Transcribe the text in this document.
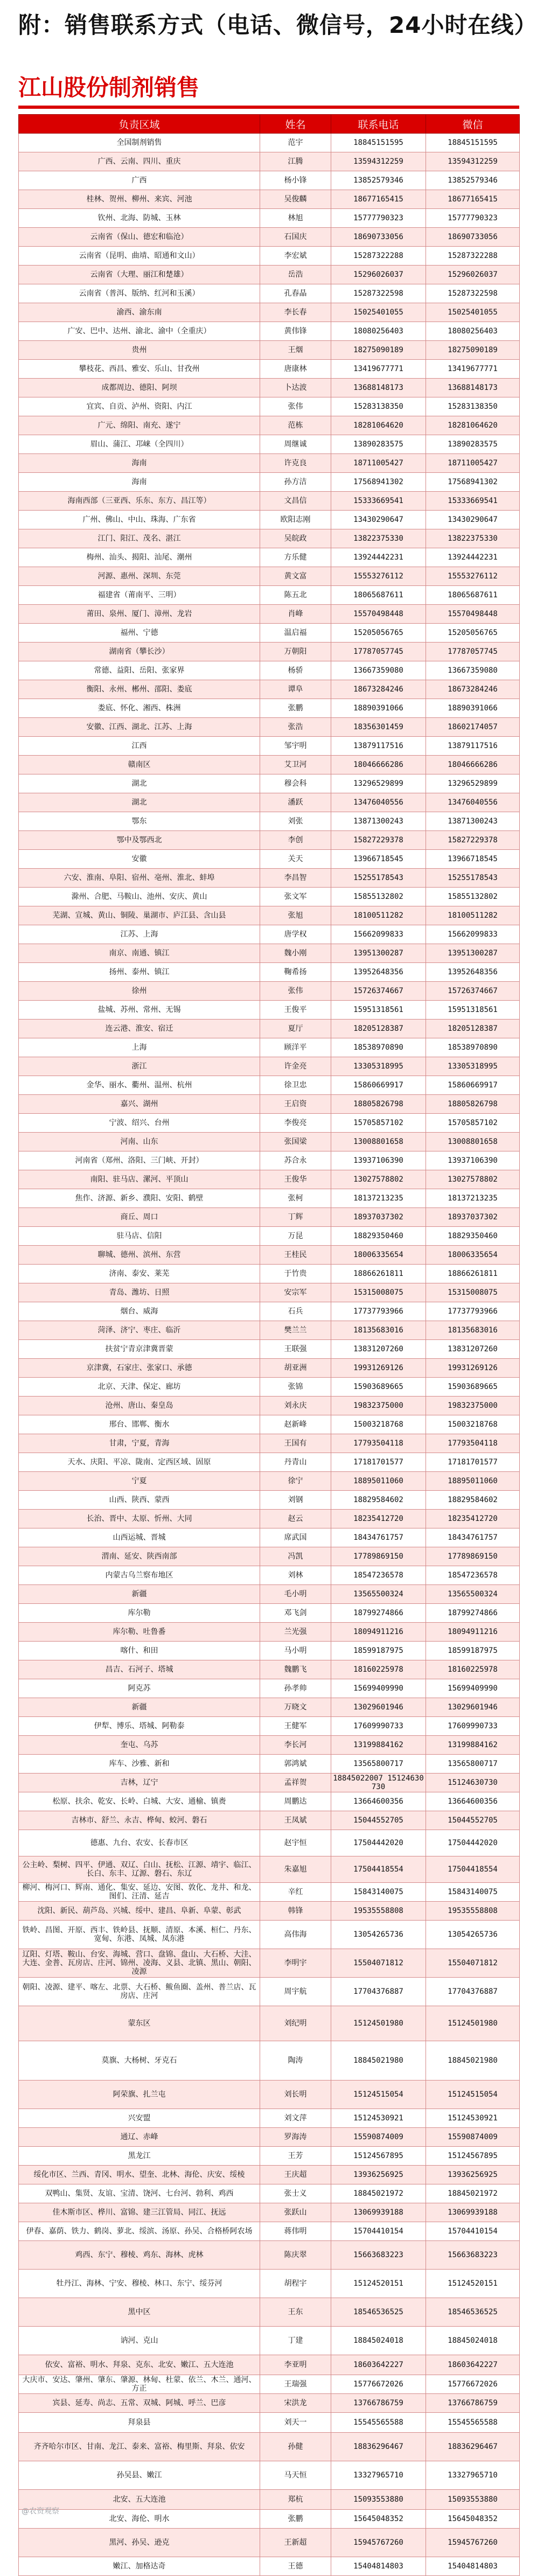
附：销售联系方式（电话、微信号，24小时在线）
江山股份制剂销售
负责区域	姓名	联系电话	微信
全国制剂销售	范宇	18845151595	18845151595
广西、云南、四川、重庆	江腾	13594312259	13594312259
广西	杨小锋	13852579346	13852579346
桂林、贺州、柳州、来宾、河池	吴俊麟	18677165415	18677165415
钦州、北海、防城、玉林	林旭	15777790323	15777790323
云南省（保山、德宏和临沧）	石国庆	18690733056	18690733056
云南省（昆明、曲靖、昭通和文山）	李宏斌	15287322288	15287322288
云南省（大理、丽江和楚雄）	岳浩	15296026037	15296026037
云南省（普洱、版纳、红河和玉溪）	孔春晶	15287322598	15287322598
渝西、渝东南	李长春	15025401055	15025401055
广安、巴中、达州、渝北、渝中（全重庆）	黄伟锋	18080256403	18080256403
贵州	王烟	18275090189	18275090189
攀枝花、西昌、雅安、乐山、甘孜州	唐康林	13419677771	13419677771
成都周边、德阳、阿坝	卜达波	13688148173	13688148173
宜宾、自贡、泸州、资阳、内江	张伟	15283138350	15283138350
广元、绵阳、南充、遂宁	范栋	18281064620	18281064620
眉山、蒲江、邛崃（全四川）	周继诚	13890283575	13890283575
海南	许克良	18711005427	18711005427
海南	孙方洁	17568941302	17568941302
海南西部（三亚西、乐东、东方、昌江等）	文昌信	15333669541	15333669541
广州、佛山、中山、珠海、广东省	欧阳志刚	13430290647	13430290647
江门、阳江、茂名、湛江	吴皖政	13822375330	13822375330
梅州、汕头、揭阳、汕尾、潮州	方乐健	13924442231	13924442231
河源、惠州、深圳、东莞	黄文富	15553276112	15553276112
福建省（莆南平、三明）	陈五北	18065687611	18065687611
莆田、泉州、厦门、漳州、龙岩	肖峰	15570498448	15570498448
福州、宁德	温启福	15205056765	15205056765
湖南省（攀长沙）	万朝阳	17787057745	17787057745
常德、益阳、岳阳、张家界	杨骄	13667359080	13667359080
衡阳、永州、郴州、邵阳、娄底	谭阜	18673284246	18673284246
娄底、怀化、湘西、株洲	张鹏	18890391066	18890391066
安徽、江西、湖北、江苏、上海	张浩	18356301459	18602174057
江西	邹宇明	13879117516	13879117516
赣南区	艾卫河	18046666286	18046666286
湖北	穆会科	13296529899	13296529899
湖北	潘跃	13476040556	13476040556
鄂东	刘张	13871300243	13871300243
鄂中及鄂西北	李创	15827229378	15827229378
安徽	关天	13966718545	13966718545
六安、淮南、阜阳、宿州、亳州、淮北、蚌埠	李昌智	15255178543	15255178543
滁州、合肥、马鞍山、池州、安庆、黄山	张文军	15855132802	15855132802
芜湖、宣城、黄山、铜陵、巢湖市、庐江县、含山县	张旭	18100511282	18100511282
江苏、上海	唐学权	15662099833	15662099833
南京、南通、镇江	魏小刚	13951300287	13951300287
扬州、泰州、镇江	鞠希扬	13952648356	13952648356
徐州	张伟	15726374667	15726374667
盐城、苏州、常州、无锡	王俊平	15951318561	15951318561
连云港、淮安、宿迁	夏厅	18205128387	18205128387
上海	顾洋平	18538970890	18538970890
浙江	许金亮	13305318995	13305318995
金华、丽水、衢州、温州、杭州	徐卫忠	15860669917	15860669917
嘉兴、湖州	王启资	18805826798	18805826798
宁波、绍兴、台州	李俊亮	15705857102	15705857102
河南、山东	张国梁	13008801658	13008801658
河南省（郑州、洛阳、三门峡、开封）	苏合永	13937106390	13937106390
南阳、驻马店、漯河、平顶山	王俊华	13027578802	13027578802
焦作、济源、新乡、濮阳、安阳、鹤壁	张柯	18137213235	18137213235
商丘、周口	丁辉	18937037302	18937037302
驻马店、信阳	万昆	18829350460	18829350460
聊城、德州、滨州、东营	王桂民	18006335654	18006335654
济南、泰安、莱芜	于竹贵	18866261811	18866261811
青岛、潍坊、日照	安宗军	15315008075	15315008075
烟台、威海	石兵	17737793966	17737793966
菏泽、济宁、枣庄、临沂	樊兰兰	18135683016	18135683016
扶贫宁青京津冀晋蒙	王联强	13831207260	13831207260
京津冀，石家庄、张家口、承德	胡亚洲	19931269126	19931269126
北京、天津、保定、廊坊	张锦	15903689665	15903689665
沧州、唐山、秦皇岛	刘永庆	19832375000	19832375000
邢台、邯郸、衡水	赵新峰	15003218768	15003218768
甘肃，宁夏，青海	王国有	17793504118	17793504118
天水、庆阳、平凉、陇南、定西区域、固原	丹青山	17181701577	17181701577
宁夏	徐宁	18895011060	18895011060
山西、陕西、蒙西	刘钢	18829584602	18829584602
长治、晋中、太原、忻州、大同	赵云	18235412720	18235412720
山西运城、晋城	席武国	18434761757	18434761757
渭南、延安、陕西南部	冯凯	17789869150	17789869150
内蒙古乌兰察布地区	刘林	18547236578	18547236578
新疆	毛小明	13565500324	13565500324
库尔勒	邓飞剑	18799274866	18799274866
库尔勒、吐鲁番	兰光强	18094911216	18094911216
喀什、和田	马小明	18599187975	18599187975
昌吉、石河子、塔城	魏鹏飞	18160225978	18160225978
阿克苏	孙孝帅	15699409990	15699409990
新疆	万晓文	13029601946	13029601946
伊犁、博乐、塔城、阿勒泰	王健军	17609990733	17609990733
奎屯、乌苏	李长河	13199884162	13199884162
库车、沙雅、新和	郭鸿斌	13565800717	13565800717
吉林，辽宁	孟祥贺	18845022007 15124630730	15124630730
松原、扶余、乾安、长岭、白城、大安、通榆、镇赉	周鹏达	13664600356	13664600356
吉林市、舒兰、永吉、桦甸、蛟河、磐石	王凤斌	15044552705	15044552705
德惠、九台、农安、长春市区	赵宇恒	17504442020	17504442020
公主岭、梨树、四平、伊通、双辽、白山、抚松、江源、靖宇、临江、长白、东丰、辽源、磐石、东辽	朱嘉旭	17504418554	17504418554
柳河、梅河口、辉南、通化、集安、延边、安图、敦化、龙井、和龙、图们、汪清、延吉	辛红	15843140075	15843140075
沈阳、新民、葫芦岛、兴城、绥中、建昌、阜新、阜蒙、彰武	韩锋	19535558808	19535558808
铁岭、昌图、开原、西丰、铁岭县、抚顺、清原、本溪、桓仁、丹东、宽甸、东港、凤城、凤东港	高伟海	13054265736	13054265736
辽阳、灯塔、鞍山、台安、海城、营口、盘锦、盘山、大石桥、大洼、大连、金普、瓦房店、庄河、锦州、凌海、义县、北镇、黑山、朝阳、凌源	李明宇	15504071812	15504071812
朝阳、凌源、建平、喀左、北票、大石桥、鲅鱼圈、盖州、普兰店、瓦房店、庄河	周宇航	17704376887	17704376887
蒙东区	刘纪明	15124501980	15124501980
莫旗、大杨树、牙克石	陶涛	18845021980	18845021980
阿荣旗、扎兰屯	刘长明	15124515054	15124515054
兴安盟	刘文萍	15124530921	15124530921
通辽、赤峰	罗海涛	15590874009	15590874009
黑龙江	王芳	15124567895	15124567895
绥化市区、兰西、青冈、明水、望奎、北林、海伦、庆安、绥棱	王庆超	13936256925	13936256925
双鸭山、集贤、友谊、宝清、饶河、七台河、勃利、鸡西	张士义	18845021972	18845021972
佳木斯市区、桦川、富锦、建三江管局、同江、抚远	张跃山	13069939188	13069939188
伊春、嘉荫、铁力、鹤岗、萝北、绥滨、汤原、孙吴、合格桥阿农场	蒋伟明	15704410154	15704410154
鸡西、东宁、穆棱、鸡东、海林、虎林	陈庆翠	15663683223	15663683223
牡丹江、海林、宁安、穆棱、林口、东宁、绥芬河	胡程宇	15124520151	15124520151
黑中区	王东	18546536525	18546536525
讷河、克山	丁建	18845024018	18845024018
依安、富裕、明水、拜泉、克东、北安、嫩江、五大连池	李亚明	18603642227	18603642227
大庆市、安达、肇州、肇东、肇源、林甸、杜蒙、依兰、木兰、通河、方正	王瑞强	15776672026	15776672026
宾县、延寿、尚志、五常、双城、阿城、呼兰、巴彦	宋洪龙	13766786759	13766786759
拜泉县	刘天一	15545565588	15545565588
齐齐哈尔市区、甘南、龙江、泰来、富裕、梅里斯、拜泉、依安	孙健	18836296467	18836296467
孙吴县、嫩江	马天恒	13327965710	13327965710
北安、五大连池	郑杭	15093553880	15093553880
北安、海伦、明水	张鹏	15645048352	15645048352
黑河、孙吴、逊克	王新超	15945767260	15945767260
嫩江、加格达奇	王德	15404814803	15404814803
@农资观察
